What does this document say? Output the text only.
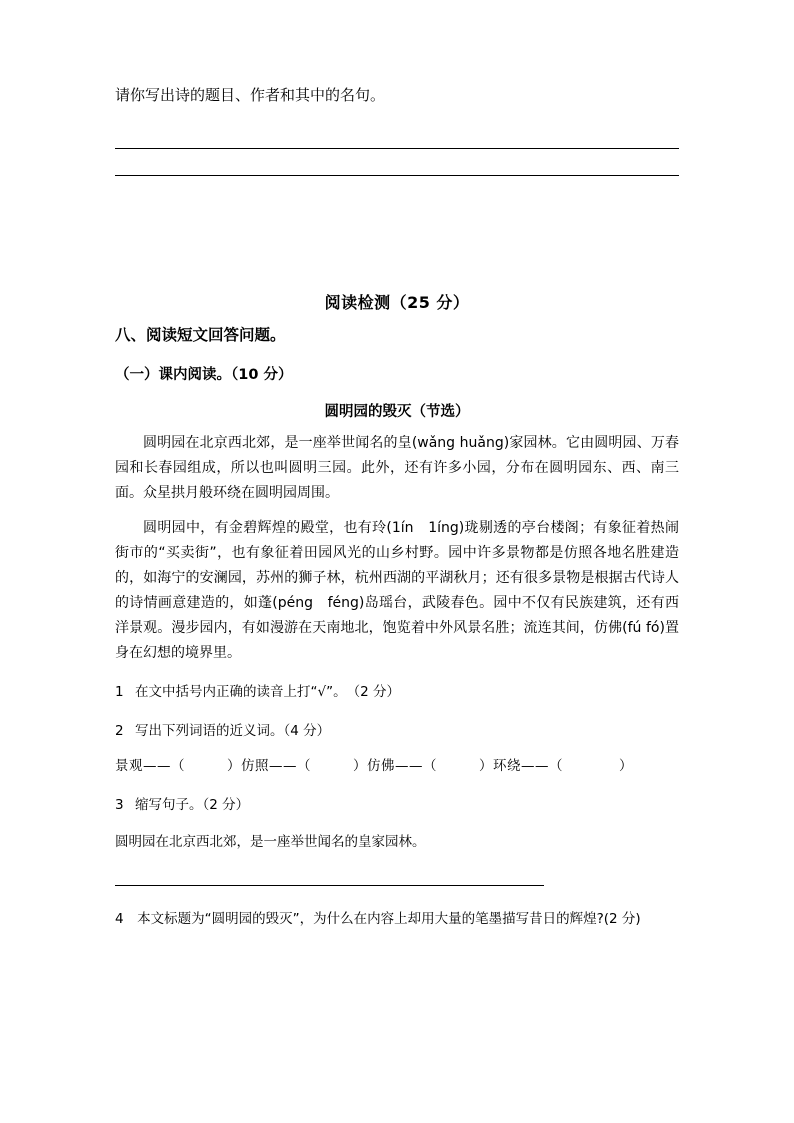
请你写出诗的题目、作者和其中的名句。
阅读检测（25 分）
八、阅读短文回答问题。
（一）课内阅读。（10 分）
圆明园的毁灭（节选）

圆明园在北京西北郊，是一座举世闻名的皇(wǎng huǎng)家园林。它由圆明园、万春园和长春园组成，所以也叫圆明三园。此外，还有许多小园，分布在圆明园东、西、南三面。众星拱月般环绕在圆明园周围。

圆明园中，有金碧辉煌的殿堂，也有玲(1ín　1íng)珑剔透的亭台楼阁；有象征着热闹街市的“买卖街”，也有象征着田园风光的山乡村野。园中许多景物都是仿照各地名胜建造的，如海宁的安澜园，苏州的狮子林，杭州西湖的平湖秋月；还有很多景物是根据古代诗人的诗情画意建造的，如蓬(péng　féng)岛瑶台，武陵春色。园中不仅有民族建筑，还有西洋景观。漫步园内，有如漫游在天南地北，饱览着中外风景名胜；流连其间，仿佛(fú fó)置身在幻想的境界里。

1 在文中括号内正确的读音上打“√”。　（2 分）
2 写出下列词语的近义词。（4 分）
景观——（　　　）仿照——（　　　）仿佛——（　　　）环绕——（　　　　）
3 缩写句子。（2 分）
圆明园在北京西北郊，是一座举世闻名的皇家园林。
4　本文标题为“圆明园的毁灭”，为什么在内容上却用大量的笔墨描写昔日的辉煌?(2 分)
